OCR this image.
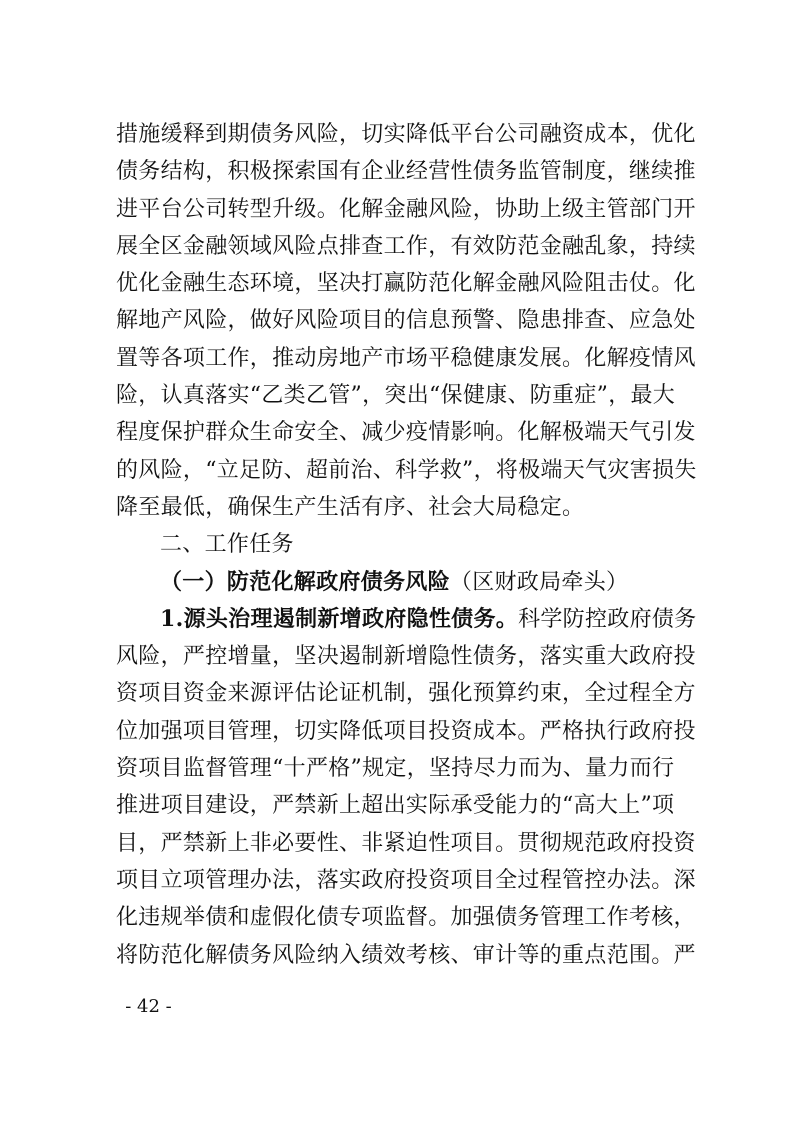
措施缓释到期债务风险，切实降低平台公司融资成本，优化
债务结构，积极探索国有企业经营性债务监管制度，继续推
进平台公司转型升级。化解金融风险，协助上级主管部门开
展全区金融领域风险点排查工作，有效防范金融乱象，持续
优化金融生态环境，坚决打赢防范化解金融风险阻击仗。化
解地产风险，做好风险项目的信息预警、隐患排查、应急处
置等各项工作，推动房地产市场平稳健康发展。化解疫情风
险，认真落实“乙类乙管”，突出“保健康、防重症”，最大
程度保护群众生命安全、减少疫情影响。化解极端天气引发
的风险，“立足防、超前治、科学救”，将极端天气灾害损失
降至最低，确保生产生活有序、社会大局稳定。
二、工作任务
（一）防范化解政府债务风险（区财政局牵头）
1.源头治理遏制新增政府隐性债务。科学防控政府债务
风险，严控增量，坚决遏制新增隐性债务，落实重大政府投
资项目资金来源评估论证机制，强化预算约束，全过程全方
位加强项目管理，切实降低项目投资成本。严格执行政府投
资项目监督管理“十严格”规定，坚持尽力而为、量力而行
推进项目建设，严禁新上超出实际承受能力的“高大上”项
目，严禁新上非必要性、非紧迫性项目。贯彻规范政府投资
项目立项管理办法，落实政府投资项目全过程管控办法。深
化违规举债和虚假化债专项监督。加强债务管理工作考核，
将防范化解债务风险纳入绩效考核、审计等的重点范围。严
- 42 -
